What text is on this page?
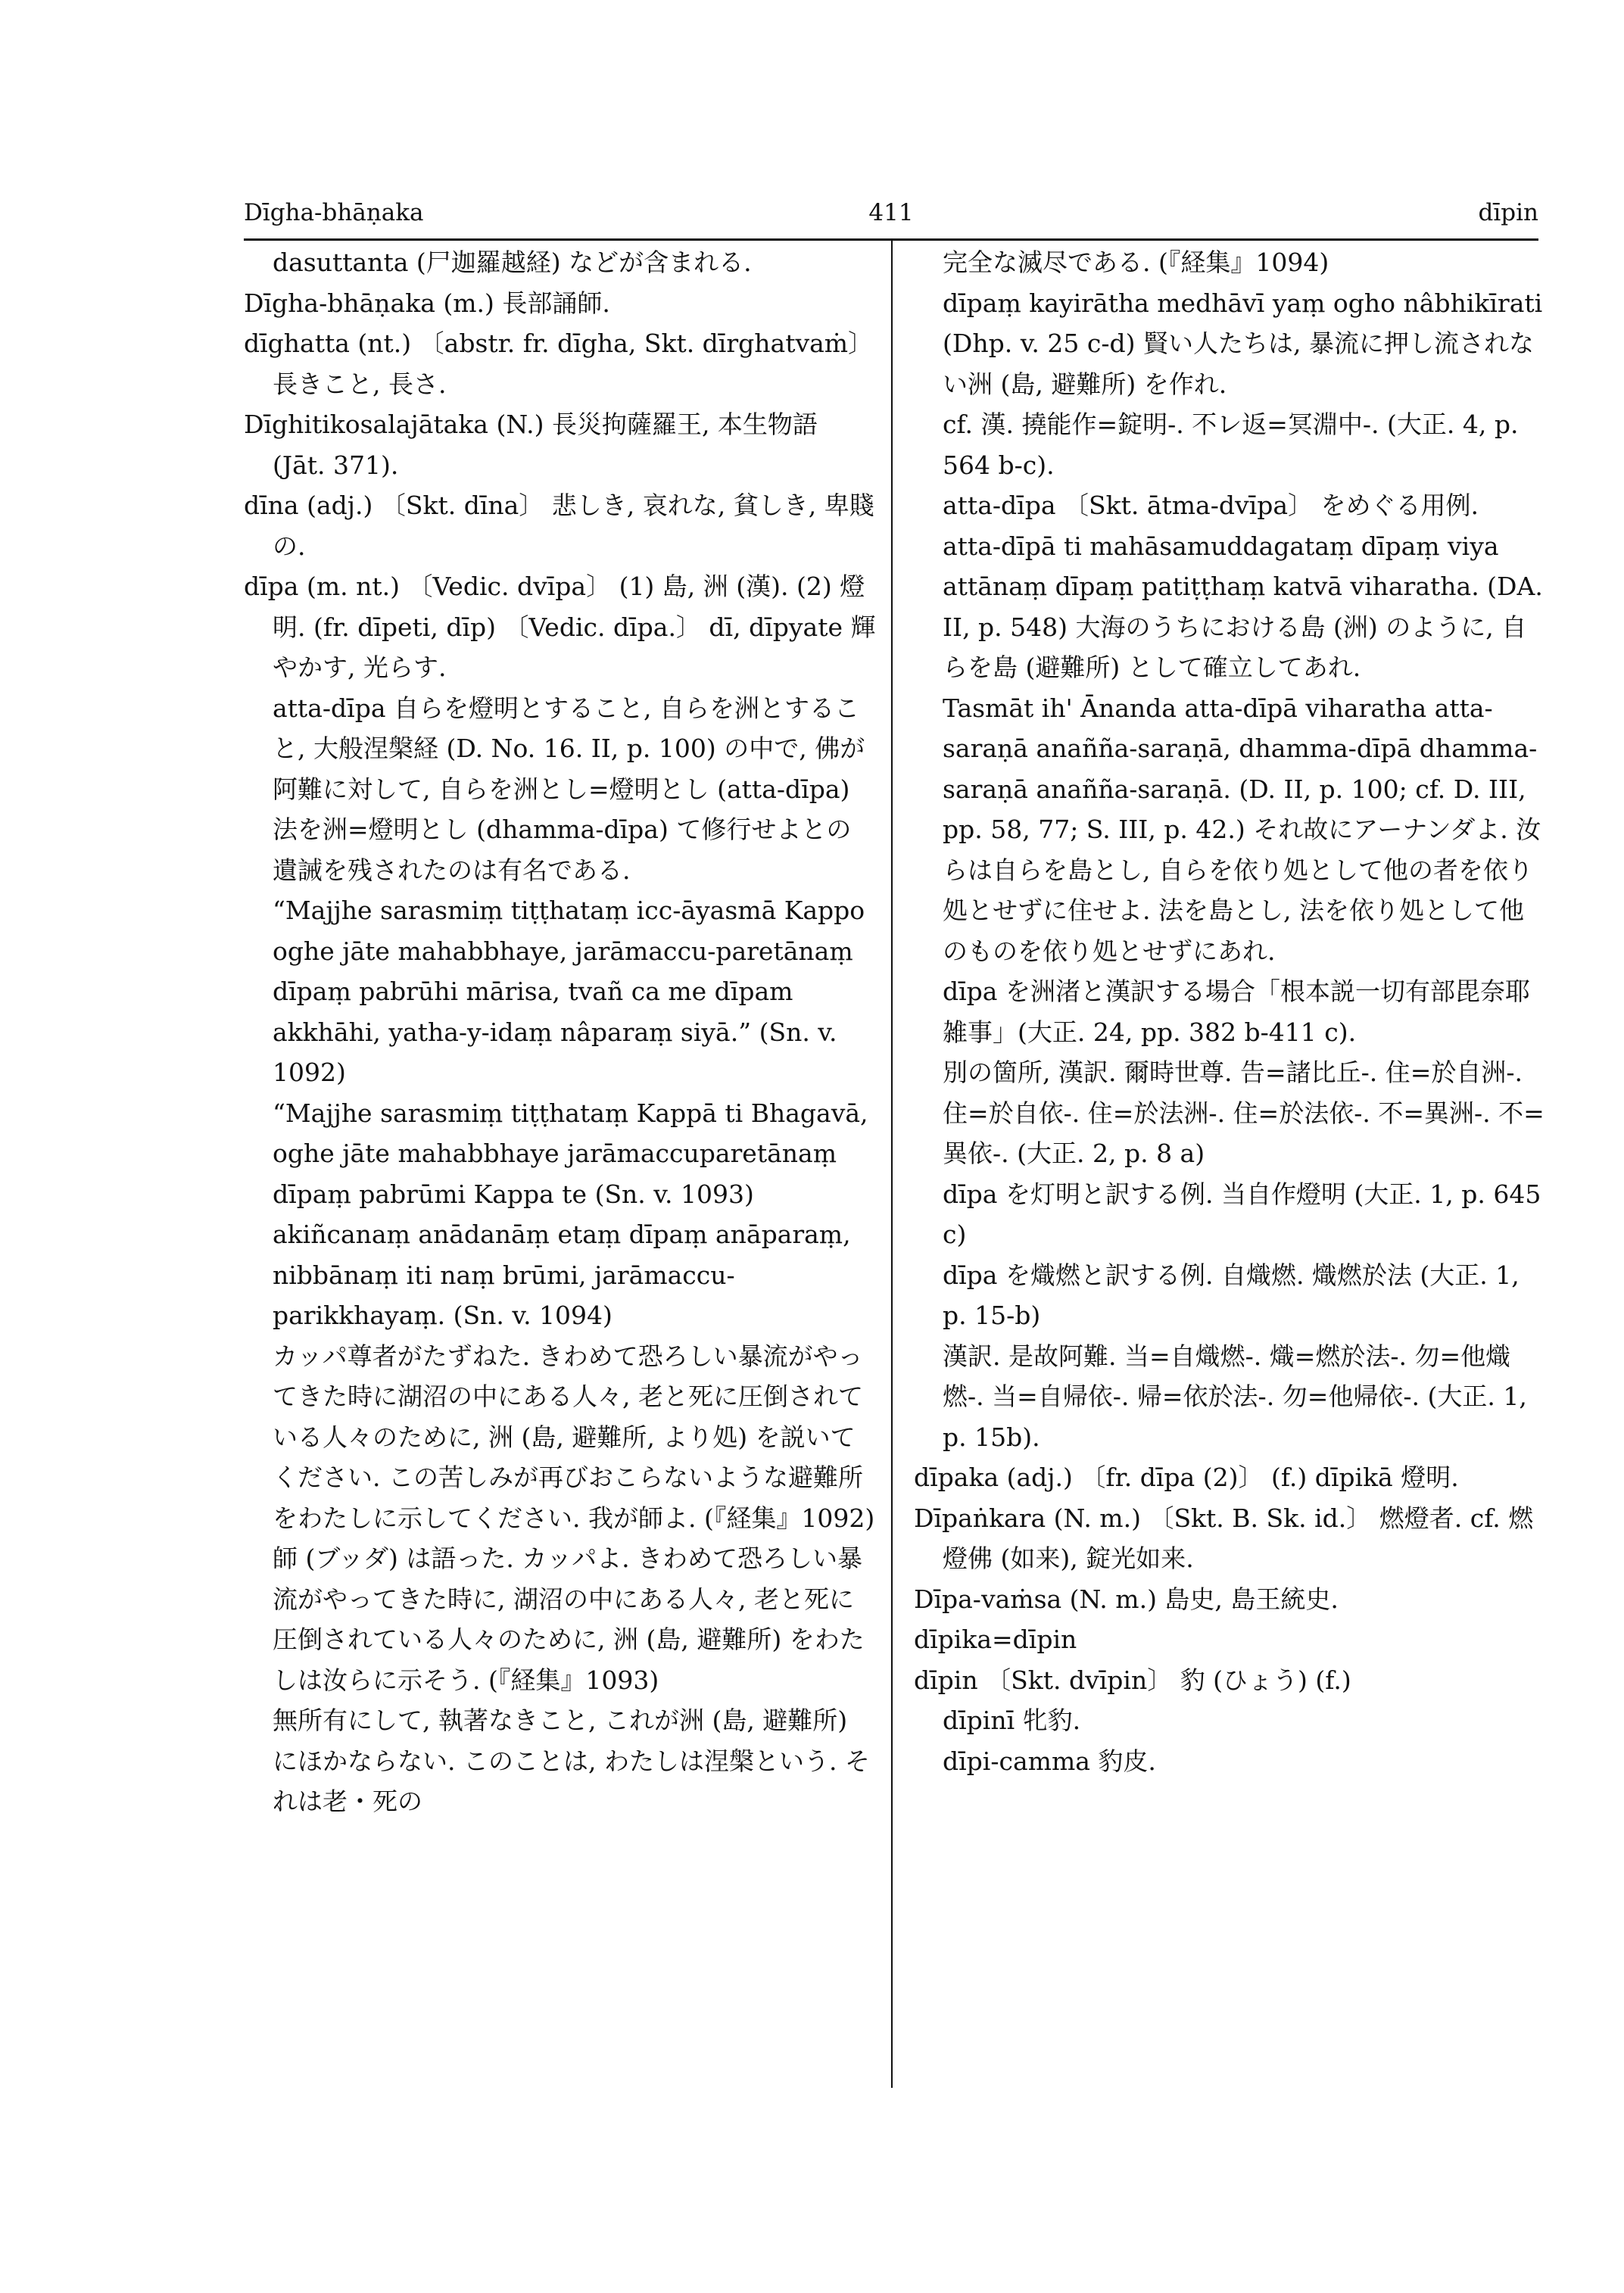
Dīgha-bhāṇaka	411	dīpin

dasuttanta (尸迦羅越経) などが含まれる.

Dīgha-bhāṇaka (m.) 長部誦師.

dīghatta (nt.) 〔abstr. fr. dīgha, Skt. dīrghatvaṁ〕 長きこと, 長さ.

Dīghitikosalajātaka (N.) 長災拘薩羅王, 本生物語 (Jāt. 371).

dīna (adj.) 〔Skt. dīna〕 悲しき, 哀れな, 貧しき, 卑賤の.

dīpa (m. nt.) 〔Vedic. dvīpa〕 (1) 島, 洲 (漢). (2) 燈明. (fr. dīpeti, dīp) 〔Vedic. dīpa.〕 dī, dīpyate 輝やかす, 光らす.

atta-dīpa 自らを燈明とすること, 自らを洲とすること, 大般涅槃経 (D. No. 16. II, p. 100) の中で, 佛が阿難に対して, 自らを洲とし=燈明とし (atta-dīpa) 法を洲=燈明とし (dhamma-dīpa) て修行せよとの遺誡を残されたのは有名である.

“Majjhe sarasmiṃ tiṭṭhataṃ icc-āyasmā Kappo oghe jāte mahabbhaye, jarāmaccu-paretānaṃ dīpaṃ pabrūhi mārisa, tvañ ca me dīpam akkhāhi, yatha-y-idaṃ nâparaṃ siyā.” (Sn. v. 1092)

“Majjhe sarasmiṃ tiṭṭhataṃ Kappā ti Bhagavā, oghe jāte mahabbhaye jarāmaccuparetānaṃ dīpaṃ pabrūmi Kappa te (Sn. v. 1093)

akiñcanaṃ anādanāṃ etaṃ dīpaṃ anāparaṃ, nibbānaṃ iti naṃ brūmi, jarāmaccu-parikkhayaṃ. (Sn. v. 1094)

カッパ尊者がたずねた. きわめて恐ろしい暴流がやってきた時に湖沼の中にある人々, 老と死に圧倒されている人々のために, 洲 (島, 避難所, より処) を説いてください. この苦しみが再びおこらないような避難所をわたしに示してください. 我が師よ. (『経集』1092)

師 (ブッダ) は語った. カッパよ. きわめて恐ろしい暴流がやってきた時に, 湖沼の中にある人々, 老と死に圧倒されている人々のために, 洲 (島, 避難所) をわたしは汝らに示そう. (『経集』1093)

無所有にして, 執著なきこと, これが洲 (島, 避難所) にほかならない. このことは, わたしは涅槃という. それは老・死の

完全な滅尽である. (『経集』1094)

dīpaṃ kayirātha medhāvī yaṃ ogho nâbhikīrati (Dhp. v. 25 c-d) 賢い人たちは, 暴流に押し流されない洲 (島, 避難所) を作れ.

cf. 漢. 撓能作=錠明-. 不レ返=冥淵中-. (大正. 4, p. 564 b-c).

atta-dīpa 〔Skt. ātma-dvīpa〕 をめぐる用例.

atta-dīpā ti mahāsamuddagataṃ dīpaṃ viya attānaṃ dīpaṃ patiṭṭhaṃ katvā viharatha. (DA. II, p. 548) 大海のうちにおける島 (洲) のように, 自らを島 (避難所) として確立してあれ.

Tasmāt ih' Ānanda atta-dīpā viharatha atta-saraṇā anañña-saraṇā, dhamma-dīpā dhamma-saraṇā anañña-saraṇā. (D. II, p. 100; cf. D. III, pp. 58, 77; S. III, p. 42.) それ故にアーナンダよ. 汝らは自らを島とし, 自らを依り処として他の者を依り処とせずに住せよ. 法を島とし, 法を依り処として他のものを依り処とせずにあれ.

dīpa を洲渚と漢訳する場合「根本説一切有部毘奈耶雑事」(大正. 24, pp. 382 b-411 c).

別の箇所, 漢訳. 爾時世尊. 告=諸比丘-. 住=於自洲-. 住=於自依-. 住=於法洲-. 住=於法依-. 不=異洲-. 不=異依-. (大正. 2, p. 8 a)

dīpa を灯明と訳する例. 当自作燈明 (大正. 1, p. 645 c)

dīpa を熾燃と訳する例. 自熾燃. 熾燃於法 (大正. 1, p. 15-b)

漢訳. 是故阿難. 当=自熾燃-. 熾=燃於法-. 勿=他熾燃-. 当=自帰依-. 帰=依於法-. 勿=他帰依-. (大正. 1, p. 15b).

dīpaka (adj.) 〔fr. dīpa (2)〕 (f.) dīpikā 燈明.

Dīpaṅkara (N. m.) 〔Skt. B. Sk. id.〕 燃燈者. cf. 燃燈佛 (如来), 錠光如来.

Dīpa-vaṁsa (N. m.) 島史, 島王統史.

dīpika=dīpin

dīpin 〔Skt. dvīpin〕 豹 (ひょう) (f.)

dīpinī 牝豹.

dīpi-camma 豹皮.
